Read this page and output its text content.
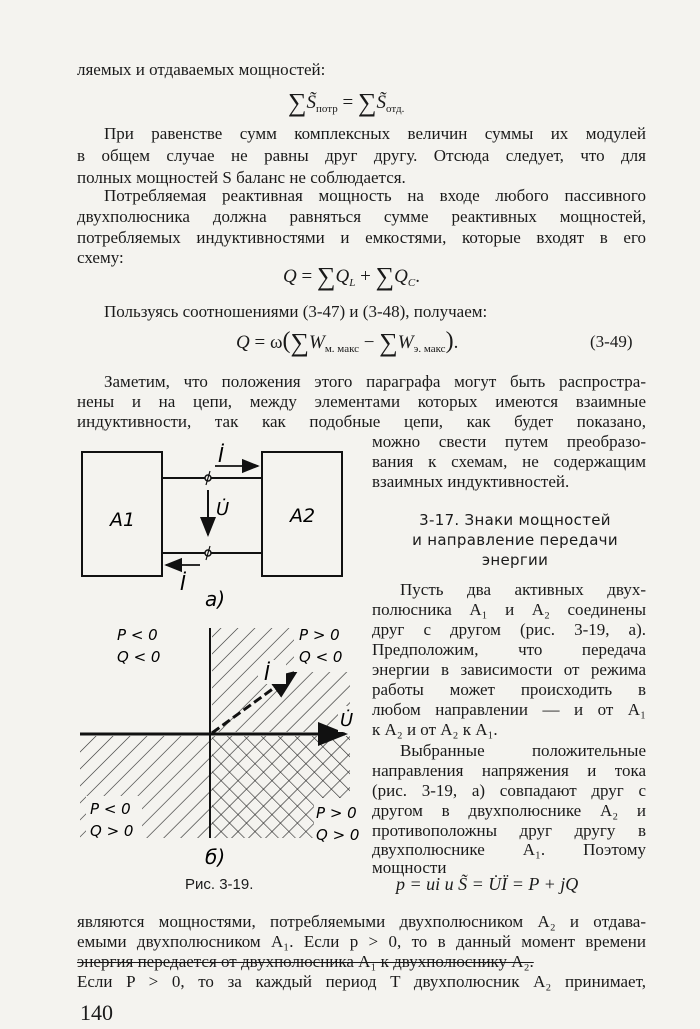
ляемых и отдаваемых мощностей:
$\sum S̃_{потр}$ = $\sum S̃_{отд.}$
При равенстве сумм комплексных величин суммы их модулей
в общем случае не равны друг другу. Отсюда следует, что для
полных мощностей S баланс не соблюдается.
Потребляемая реактивная мощность на входе любого пассивного
двухполюсника должна равняться сумме реактивных мощностей,
потребляемых индуктивностями и емкостями, которые входят в его
схему:
$Q = \sum Q_L + \sum Q_C$.
Пользуясь соотношениями (3-47) и (3-48), получаем:
$Q = \omega(\sum W_{м. макс} - \sum W_{э. макс})$.	(3-49)
Заметим, что положения этого параграфа могут быть распростра-
нены и на цепи, между элементами которых имеются взаимные
индуктивности, так как подобные цепи, как будет показано,
можно свести путем преобразо-
вания к схемам, не содержащим
взаимных индуктивностей.
3-17. Знаки мощностей
и направление передачи
энергии
Пусть два активных двух-
полюсника A₁ и A₂ соединены
друг с другом (рис. 3-19, а).
Предположим, что передача
энергии в зависимости от режима
работы может происходить в
любом направлении — и от A₁
к A₂ и от A₂ к A₁.
Выбранные положительные
направления напряжения и тока
(рис. 3-19, а) совпадают друг с
другом в двухполюснике A₂ и
противоположны друг другу в
двухполюснике A₁. Поэтому
мощности
p = ui и S̃ = U̇Ï = P + jQ
A1	A2
İ
İ
U̇
а)
P < 0
Q < 0
P > 0
Q < 0
P < 0
Q > 0
P > 0
Q > 0
İ
U̇
б)
Рис. 3-19.
являются мощностями, потребляемыми двухполюсником A₂ и отдава-
емыми двухполюсником A₁. Если p > 0, то в данный момент времени
энергия передается от двухполюсника A₁ к двухполюснику A₂.
Если P > 0, то за каждый период T двухполюсник A₂ принимает,
140
